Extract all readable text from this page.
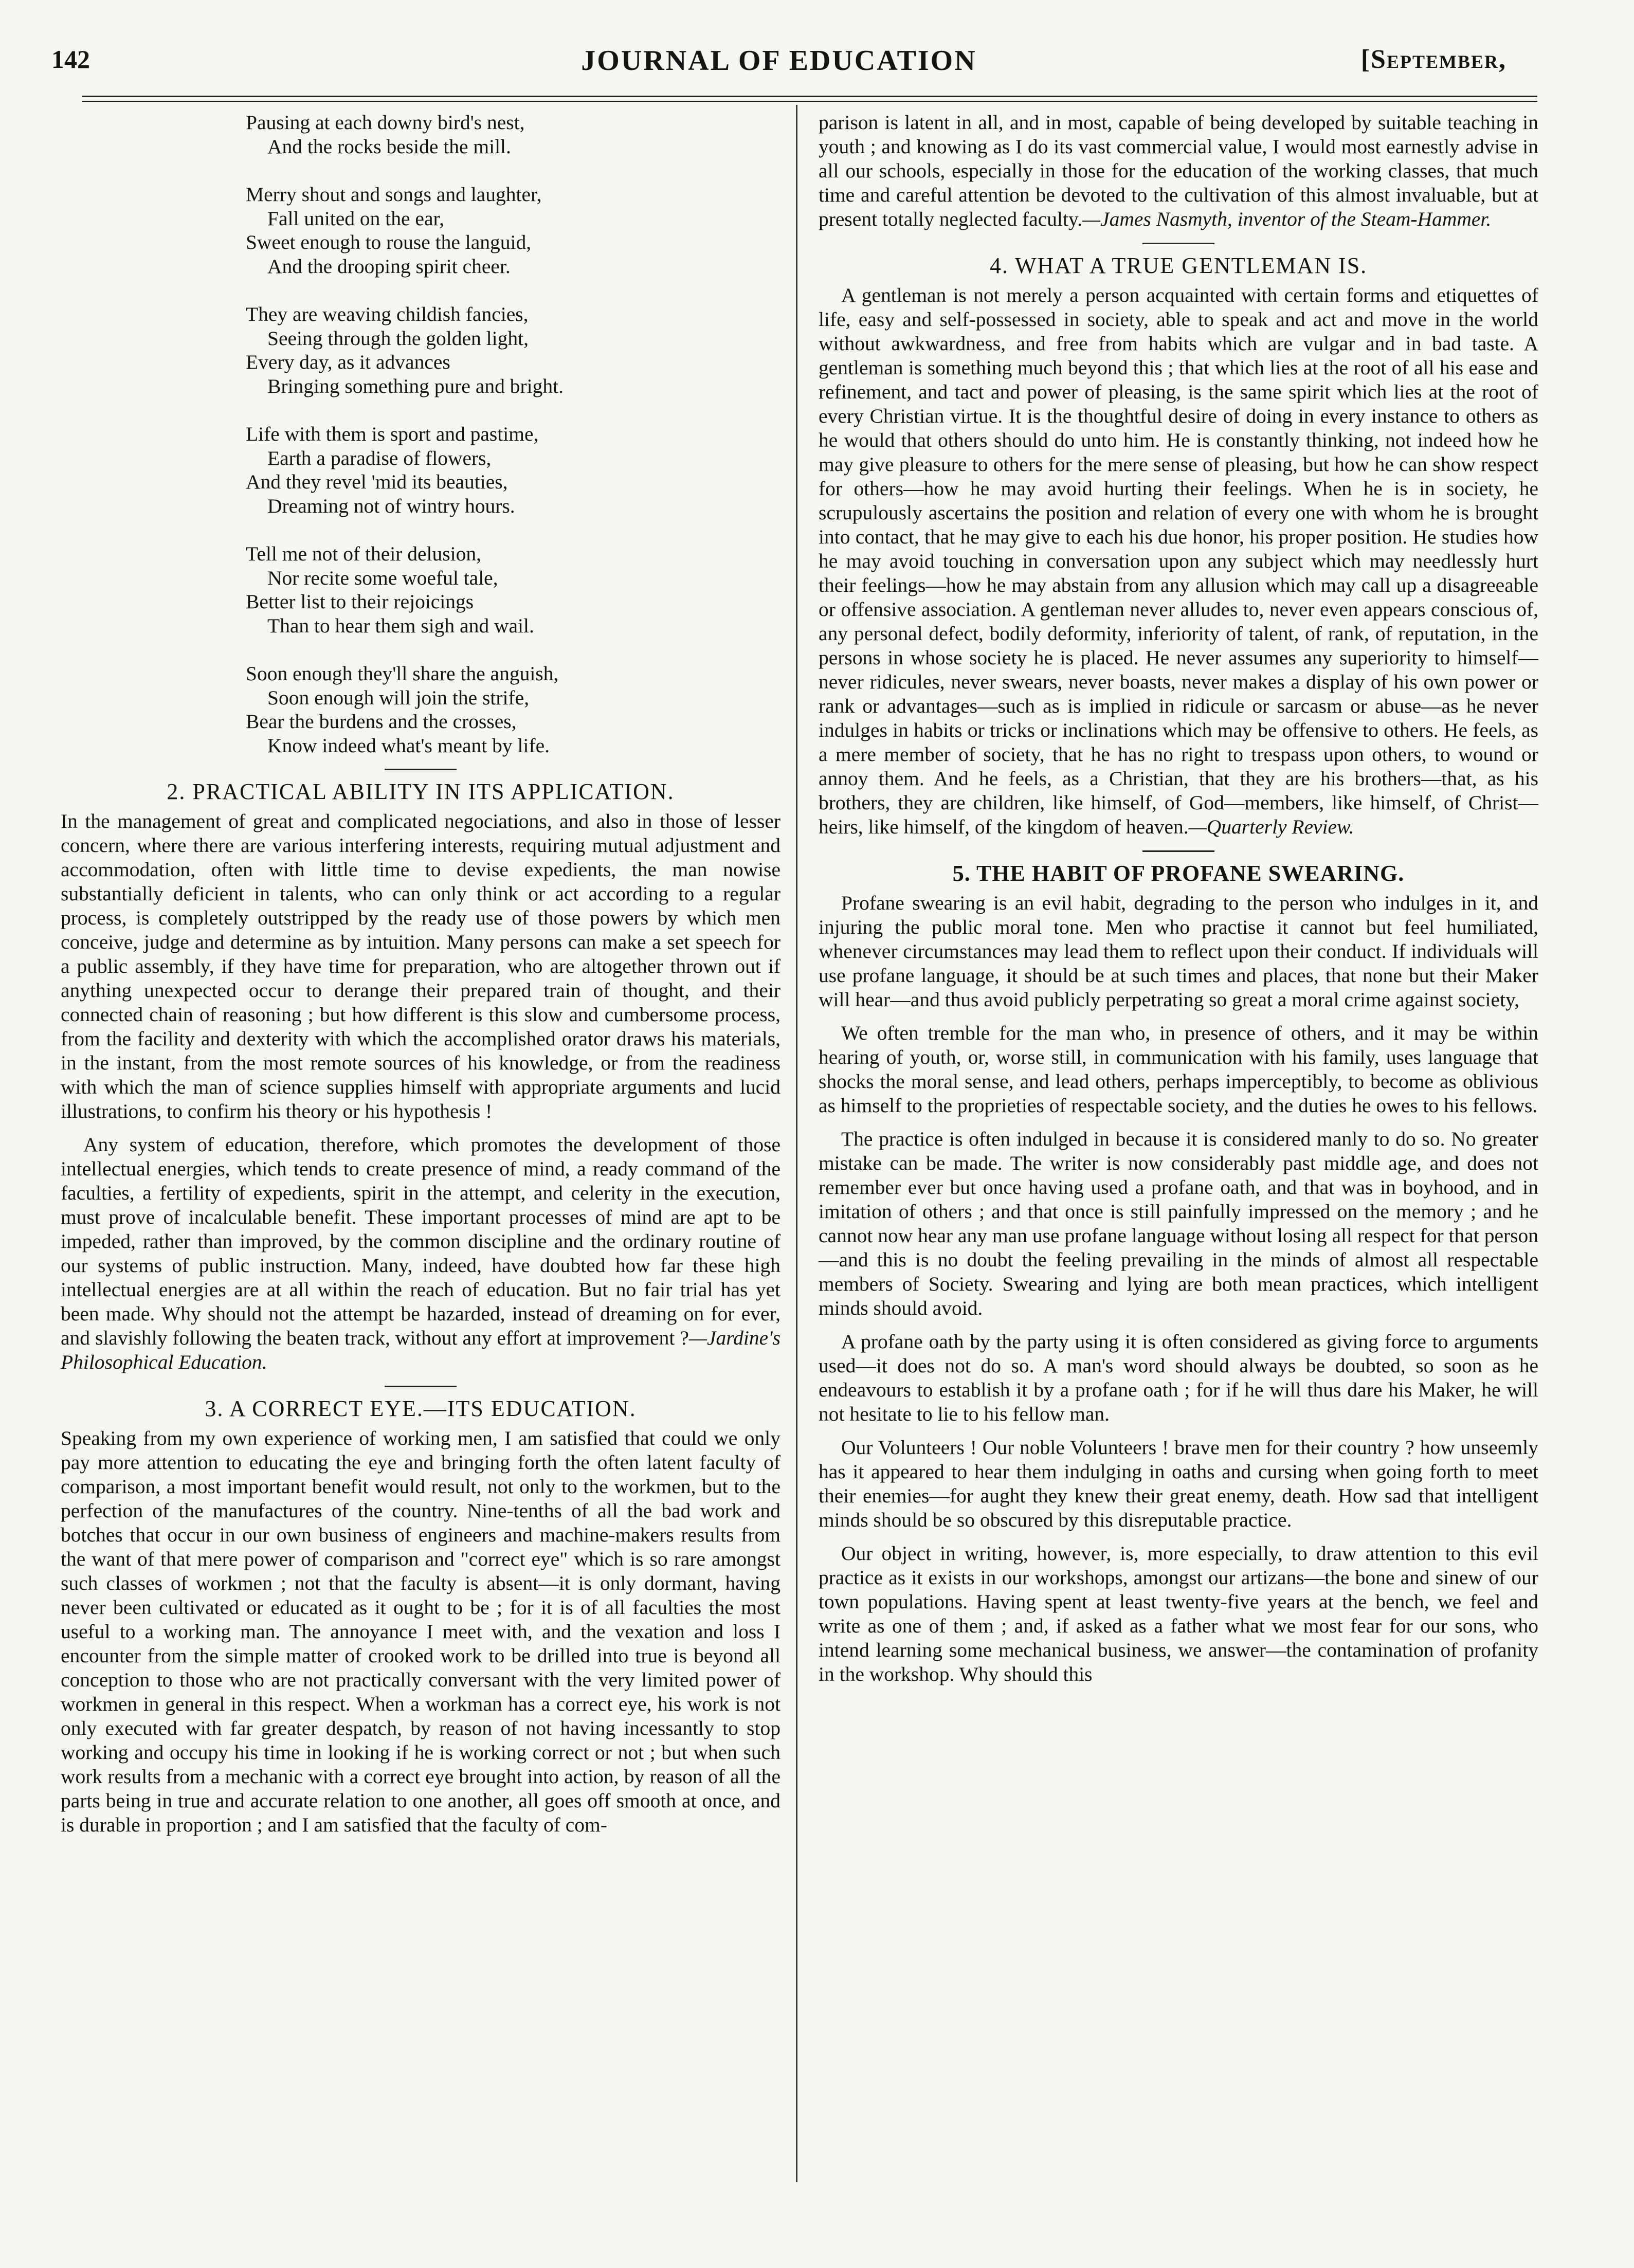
142	JOURNAL OF EDUCATION	[September,
Pausing at each downy bird's nest,
And the rocks beside the mill.
Merry shout and songs and laughter,
Fall united on the ear,
Sweet enough to rouse the languid,
And the drooping spirit cheer.
They are weaving childish fancies,
Seeing through the golden light,
Every day, as it advances
Bringing something pure and bright.
Life with them is sport and pastime,
Earth a paradise of flowers,
And they revel 'mid its beauties,
Dreaming not of wintry hours.
Tell me not of their delusion,
Nor recite some woeful tale,
Better list to their rejoicings
Than to hear them sigh and wail.
Soon enough they'll share the anguish,
Soon enough will join the strife,
Bear the burdens and the crosses,
Know indeed what's meant by life.
2. PRACTICAL ABILITY IN ITS APPLICATION.

In the management of great and complicated negociations, and also in those of lesser concern, where there are various interfering interests, requiring mutual adjustment and accommodation, often with little time to devise expedients, the man nowise substantially deficient in talents, who can only think or act according to a regular process, is completely outstripped by the ready use of those powers by which men conceive, judge and determine as by intuition. Many persons can make a set speech for a public assembly, if they have time for preparation, who are altogether thrown out if anything unexpected occur to derange their prepared train of thought, and their connected chain of reasoning ; but how different is this slow and cumbersome process, from the facility and dexterity with which the accomplished orator draws his materials, in the instant, from the most remote sources of his knowledge, or from the readiness with which the man of science supplies himself with appropriate arguments and lucid illustrations, to confirm his theory or his hypothesis !

Any system of education, therefore, which promotes the development of those intellectual energies, which tends to create presence of mind, a ready command of the faculties, a fertility of expedients, spirit in the attempt, and celerity in the execution, must prove of incalculable benefit. These important processes of mind are apt to be impeded, rather than improved, by the common discipline and the ordinary routine of our systems of public instruction. Many, indeed, have doubted how far these high intellectual energies are at all within the reach of education. But no fair trial has yet been made. Why should not the attempt be hazarded, instead of dreaming on for ever, and slavishly following the beaten track, without any effort at improvement ?—Jardine's Philosophical Education.

3. A CORRECT EYE.—ITS EDUCATION.

Speaking from my own experience of working men, I am satisfied that could we only pay more attention to educating the eye and bringing forth the often latent faculty of comparison, a most important benefit would result, not only to the workmen, but to the perfection of the manufactures of the country. Nine-tenths of all the bad work and botches that occur in our own business of engineers and machine-makers results from the want of that mere power of comparison and "correct eye" which is so rare amongst such classes of workmen ; not that the faculty is absent—it is only dormant, having never been cultivated or educated as it ought to be ; for it is of all faculties the most useful to a working man. The annoyance I meet with, and the vexation and loss I encounter from the simple matter of crooked work to be drilled into true is beyond all conception to those who are not practically conversant with the very limited power of workmen in general in this respect. When a workman has a correct eye, his work is not only executed with far greater despatch, by reason of not having incessantly to stop working and occupy his time in looking if he is working correct or not ; but when such work results from a mechanic with a correct eye brought into action, by reason of all the parts being in true and accurate relation to one another, all goes off smooth at once, and is durable in proportion ; and I am satisfied that the faculty of com-

parison is latent in all, and in most, capable of being developed by suitable teaching in youth ; and knowing as I do its vast commercial value, I would most earnestly advise in all our schools, especially in those for the education of the working classes, that much time and careful attention be devoted to the cultivation of this almost invaluable, but at present totally neglected faculty.—James Nasmyth, inventor of the Steam-Hammer.

4. WHAT A TRUE GENTLEMAN IS.

A gentleman is not merely a person acquainted with certain forms and etiquettes of life, easy and self-possessed in society, able to speak and act and move in the world without awkwardness, and free from habits which are vulgar and in bad taste. A gentleman is something much beyond this ; that which lies at the root of all his ease and refinement, and tact and power of pleasing, is the same spirit which lies at the root of every Christian virtue. It is the thoughtful desire of doing in every instance to others as he would that others should do unto him. He is constantly thinking, not indeed how he may give pleasure to others for the mere sense of pleasing, but how he can show respect for others—how he may avoid hurting their feelings. When he is in society, he scrupulously ascertains the position and relation of every one with whom he is brought into contact, that he may give to each his due honor, his proper position. He studies how he may avoid touching in conversation upon any subject which may needlessly hurt their feelings—how he may abstain from any allusion which may call up a disagreeable or offensive association. A gentleman never alludes to, never even appears conscious of, any personal defect, bodily deformity, inferiority of talent, of rank, of reputation, in the persons in whose society he is placed. He never assumes any superiority to himself—never ridicules, never swears, never boasts, never makes a display of his own power or rank or advantages—such as is implied in ridicule or sarcasm or abuse—as he never indulges in habits or tricks or inclinations which may be offensive to others. He feels, as a mere member of society, that he has no right to trespass upon others, to wound or annoy them. And he feels, as a Christian, that they are his brothers—that, as his brothers, they are children, like himself, of God—members, like himself, of Christ—heirs, like himself, of the kingdom of heaven.—Quarterly Review.

5. THE HABIT OF PROFANE SWEARING.

Profane swearing is an evil habit, degrading to the person who indulges in it, and injuring the public moral tone. Men who practise it cannot but feel humiliated, whenever circumstances may lead them to reflect upon their conduct. If individuals will use profane language, it should be at such times and places, that none but their Maker will hear—and thus avoid publicly perpetrating so great a moral crime against society,

We often tremble for the man who, in presence of others, and it may be within hearing of youth, or, worse still, in communication with his family, uses language that shocks the moral sense, and lead others, perhaps imperceptibly, to become as oblivious as himself to the proprieties of respectable society, and the duties he owes to his fellows.

The practice is often indulged in because it is considered manly to do so. No greater mistake can be made. The writer is now considerably past middle age, and does not remember ever but once having used a profane oath, and that was in boyhood, and in imitation of others ; and that once is still painfully impressed on the memory ; and he cannot now hear any man use profane language without losing all respect for that person—and this is no doubt the feeling prevailing in the minds of almost all respectable members of Society. Swearing and lying are both mean practices, which intelligent minds should avoid.

A profane oath by the party using it is often considered as giving force to arguments used—it does not do so. A man's word should always be doubted, so soon as he endeavours to establish it by a profane oath ; for if he will thus dare his Maker, he will not hesitate to lie to his fellow man.

Our Volunteers ! Our noble Volunteers ! brave men for their country ? how unseemly has it appeared to hear them indulging in oaths and cursing when going forth to meet their enemies—for aught they knew their great enemy, death. How sad that intelligent minds should be so obscured by this disreputable practice.

Our object in writing, however, is, more especially, to draw attention to this evil practice as it exists in our workshops, amongst our artizans—the bone and sinew of our town populations. Having spent at least twenty-five years at the bench, we feel and write as one of them ; and, if asked as a father what we most fear for our sons, who intend learning some mechanical business, we answer—the contamination of profanity in the workshop. Why should this
